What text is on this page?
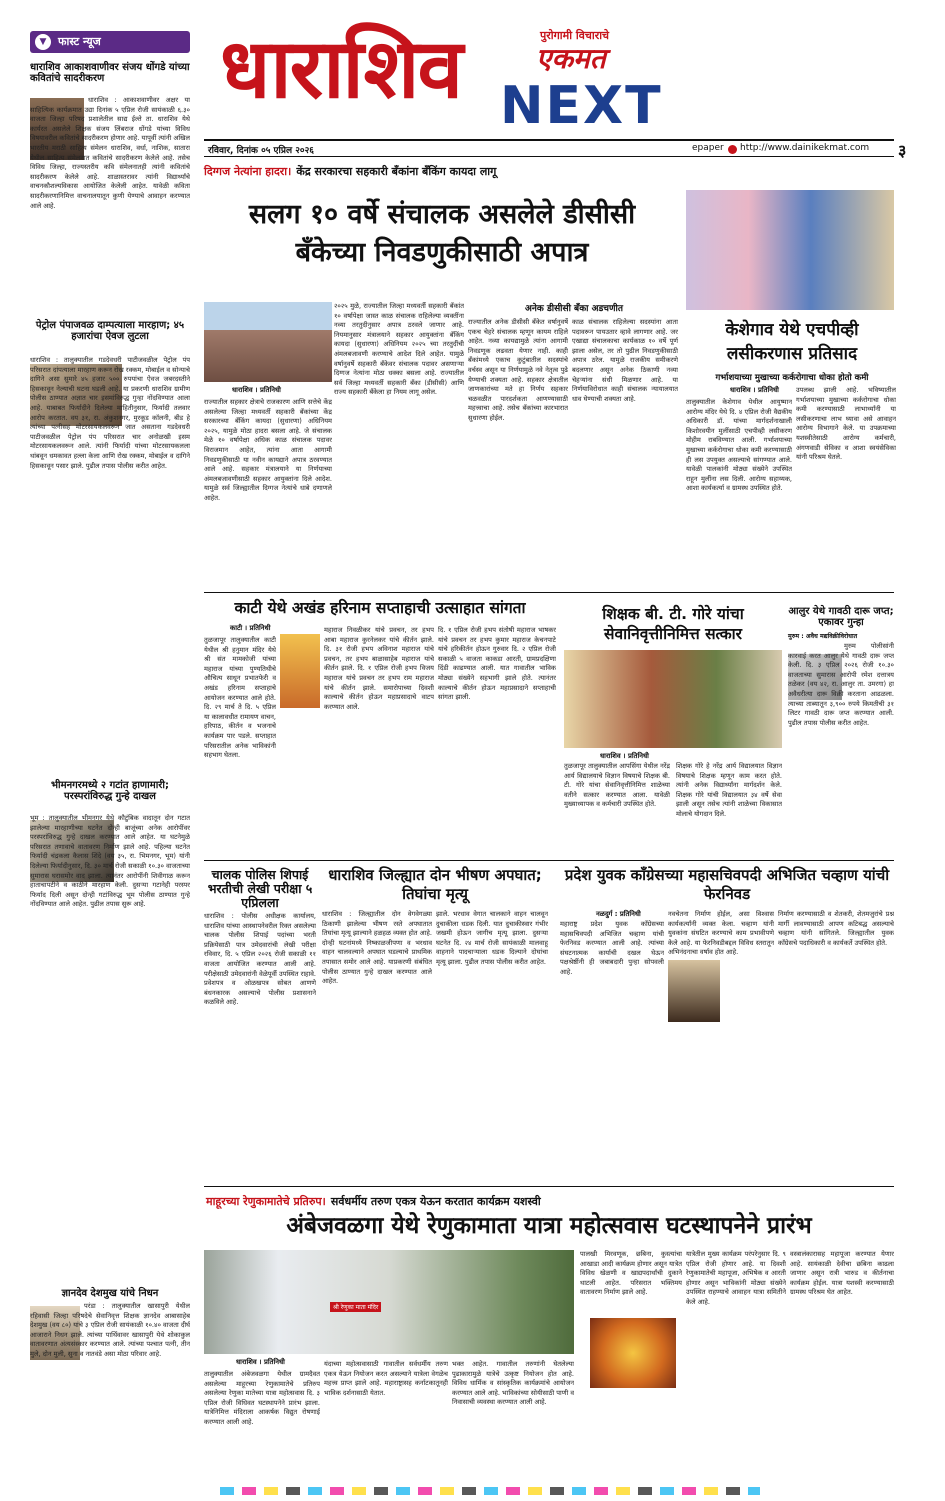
▼	फास्ट न्यूज
धाराशिव आकाशवाणीवर संजय धोंगडे यांच्या कवितांचे सादरीकरण
धाराशिव : आकाशवाणीवर अक्षर या साहित्यिक कार्यक्रमात उद्या दिनांक ५ एप्रिल रोजी सायंकाळी ६.३० वाजता जिल्हा परिषद प्रशालेतील साद्य ईल्ते ता. धाराशिव येथे कार्यरत असलेले शिक्षक संजय लिंबराज धोंगडे यांच्या विविध विषयावरील कवितांचे सादरीकरण होणार आहे. यापूर्वी त्यांनी अखिल भारतीय मराठी साहित्य संमेलन धाराशिव, वर्धा, नाशिक, सातारा येथील साहित्य संमेलनात कवितांचे सादरीकरण केलेले आहे. तसेच विविध जिल्हा, राज्यस्तरीय कवि संमेलनातही त्यांनी कवितांचे सादरीकरण केलेले आहे. शाळास्तरावर त्यांनी विद्यार्थ्यांचे वाचनकौशल्यविकास आयोजित केलेली आहेत. यावेळी कविता सादरीकरणानिमित्त वाचनालयातून कुणी येण्याचे आवाहन करण्यात आले आहे.
पेट्रोल पंपाजवळ दाम्पत्याला मारहाण; ४५ हजारांचा ऐवज लुटला
धाराशिव : तालुक्यातील गडदेवधरी पाटीजवळील पेट्रोल पंप परिसरात दांपत्याला मारहाण करून रोख रक्कम, मोबाईल व सोन्याचे दागिने असा सुमारे ४५ हजार ५०० रुपयांचा ऐवज जबरदस्तीने हिसकावून नेल्याची घटना घडली आहे. या प्रकरणी धाराशिव ग्रामीण पोलीस ठाण्यात अज्ञात चार इसमांविरुद्ध गुन्हा नोंदविण्यात आला आहे. याबाबत फिर्यादीने दिलेल्या माहितीनुसार, फिर्यादी तलवार आरोप करतात. वय ३१, रा. अंकुशनगर, मुरकूड कॉलनी, बीड हे त्यांच्या पत्नीसह मोटरसायकलवरून जात असताना गडदेवधरी पाटीजवळील पेट्रोल पंप परिसरात चार अनोळखी इसम मोटरसायकलवरून आले. त्यांनी फिर्यादी यांच्या मोटरसायकलला थांबवून धमकावत हल्ला केला आणि रोख रक्कम, मोबाईल व दागिने हिसकावून पसार झाले. पुढील तपास पोलीस करीत आहेत.
भीमनगरमध्ये २ गटांत हाणामारी; परस्परांविरुद्ध गुन्हे दाखल
भूम : तालुक्यातील भीमनगर येथे कौटुंबिक वादातून दोन गटात झालेल्या मारहाणीच्या घटनेत दोन्ही बाजूंच्या अनेक आरोपींवर परस्परांविरुद्ध गुन्हे दाखल करण्यात आले आहेत. या घटनेमुळे परिसरात तणावाचे वातावरण निर्माण झाले आहे. पहिल्या घटनेत फिर्यादी चंद्रकला कैलास शिंदे (वय ३५, रा. भिमनगर, भूम) यांनी दिलेल्या फिर्यादीनुसार, दि. ३० मार्च रोजी सकाळी १०.३० वाजताच्या सुमारास घरासमोर वाद झाला. त्यानंतर आरोपींनी शिवीगाळ करून हाताचापटीने व काठीने मारहाण केली. दुसऱ्या गटानेही परस्पर फिर्याद दिली असून दोन्ही गटांविरुद्ध भूम पोलीस ठाण्यात गुन्हे नोंदविण्यात आले आहेत. पुढील तपास सुरू आहे.
ज्ञानदेव देशमुख यांचे निधन
परंडा : तालुक्यातील खासापुरी येथील रहिवासी जिल्हा परिषदेचे सेवानिवृत्त शिक्षक ज्ञानदेव आबासाहेब देशमुख (वय ८०) यांचे ३ एप्रिल रोजी सायंकाळी १०.४० वाजता दीर्घ आजाराने निधन झाले. त्यांच्या पार्थिवावर खासापुरी येथे शोकाकुल वातावरणात अंत्यसंस्कार करण्यात आले. त्यांच्या पश्चात पत्नी, तीन मुले, दोन मुली, सुना व नातवंडे असा मोठा परिवार आहे.
धाराशिव NEXT
पुरोगामी विचाराचे
एकमत
रविवार, दिनांक ०५ एप्रिल २०२६	epaper http://www.dainikekmat.com ३
दिग्गज नेत्यांना हादरा। केंद्र सरकारचा सहकारी बँकांना बँकिंग कायदा लागू
सलग १० वर्षे संचालक असलेले डीसीसी बँकेच्या निवडणुकीसाठी अपात्र
धाराशिव । प्रतिनिधी
राज्यातील सहकार क्षेत्राचे राजकारण आणि सत्तेचे केंद्र असलेल्या जिल्हा मध्यवर्ती सहकारी बँकांच्या केंद्र सरकारच्या बँकिंग कायदा (सुधारणा) अधिनियम २०२५, यामुळे मोठा हादरा बसला आहे. जे संचालक मेळे १० वर्षापेक्षा अधिक काळ संचालक पदावर विराजमान आहेत, त्यांना आता आगामी निवडणुकीसाठी या नवीन कायद्याने अपात्र ठरवण्यात आले आहे. सहकार मंत्रालयाने या निर्णयाच्या अंमलबजावणीसाठी सहकार आयुक्तांना दिले आदेश. यामुळे सर्व जिल्ह्यातील दिग्गज नेत्यांचे धाबे दणाणले आहेत.
२०२५ मुळे, राज्यातील जिल्हा मध्यवर्ती सहकारी बँकांत १० वर्षापेक्षा जास्त काळ संचालक राहिलेल्या व्यक्तींना नव्या तरतुदीनुसार अपात्र ठरवले जाणार आहे. नियमानुसार मंत्रालयाने सहकार आयुक्तांना बँकिंग कायदा (सुधारणा) अधिनियम २०२५ च्या तरतुदींची अंमलबजावणी करण्याचे आदेश दिले आहेत. यामुळे वर्षानुवर्षे सहकारी बँकेवर संचालक पदावर असणाऱ्या दिग्गज नेत्यांना मोठा धक्का बसला आहे. राज्यातील सर्व जिल्हा मध्यवर्ती सहकारी बँका (डीसीसी) आणि राज्य सहकारी बँकेला हा नियम लागू असेल.
अनेक डीसीसी बँका अडचणीत
राज्यातील अनेक डीसीसी बँकेत वर्षानुवर्षे एकच चेहरे संचालक म्हणून कायम राहिले आहेत. नव्या कायद्यामुळे त्यांना आगामी निवडणूक लढवता येणार नाही. काही बँकांमध्ये एकाच कुटुंबातील सदस्यांचे वर्चस्व असून या निर्णयामुळे नवे नेतृत्व पुढे येण्याची शक्यता आहे. सहकार क्षेत्रातील जाणकारांच्या मते हा निर्णय सहकार चळवळीत पारदर्शकता आणण्यासाठी महत्त्वाचा आहे. तसेच बँकांच्या कारभारात सुधारणा होईल.
काळ संचालक राहिलेल्या सदस्यांना आता पदावरून पायउतार व्हावे लागणार आहे. जर एखाद्या संचालकाचा कार्यकाळ १० वर्षे पूर्ण झाला असेल, तर तो पुढील निवडणुकीसाठी अपात्र ठरेल. यामुळे राजकीय समीकरणे बदलणार असून अनेक ठिकाणी नव्या चेहऱ्यांना संधी मिळणार आहे. या निर्णयाविरोधात काही संचालक न्यायालयात धाव घेण्याची शक्यता आहे.
केशेगाव येथे एचपीव्ही लसीकरणास प्रतिसाद
गर्भाशयाच्या मुखाच्या कर्करोगाचा धोका होतो कमी
धाराशिव । प्रतिनिधी
तालुक्यातील केशेगाव येथील आयुष्मान आरोग्य मंदिर येथे दि. ४ एप्रिल रोजी वैद्यकीय अधिकारी डॉ. यांच्या मार्गदर्शनाखाली किशोरवयीन मुलींसाठी एचपीव्ही लसीकरण मोहीम राबविण्यात आली. गर्भाशयाच्या मुखाच्या कर्करोगाचा धोका कमी करण्यासाठी ही लस उपयुक्त असल्याचे सांगण्यात आले. यावेळी पालकांनी मोठ्या संख्येने उपस्थित राहून मुलींना लस दिली. आरोग्य सहाय्यक, आशा कार्यकर्त्या व ग्रामस्थ उपस्थित होते.
उपलब्ध झाली आहे. भविष्यातील गर्भाशयाच्या मुखाच्या कर्करोगाचा धोका कमी करण्यासाठी लाभार्थ्यांनी या लसीकरणाचा लाभ घ्यावा असे आवाहन आरोग्य विभागाने केले. या उपक्रमाच्या यशस्वीतेसाठी आरोग्य कर्मचारी, अंगणवाडी सेविका व आशा स्वयंसेविका यांनी परिश्रम घेतले.
काटी येथे अखंड हरिनाम सप्ताहाची उत्साहात सांगता
काटी । प्रतिनिधी
तुळजापूर तालुक्यातील काटी येथील श्री हनुमान मंदिर येथे श्री संत मामकोजी यांच्या महाराज यांच्या पुण्यतिथीचे औचित्य साधून प्रभातफेरी व अखंड हरिनाम सप्ताहाचे आयोजन करण्यात आले होते. दि. २९ मार्च ते दि. ५ एप्रिल या कालावधीत रामायण वाचन, हरिपाठ, कीर्तन व भजनाचे कार्यक्रम पार पडले. सप्ताहात परिसरातील अनेक भाविकांनी सहभाग घेतला.
महाराज निवळीकर यांचे प्रवचन, तर हभप आबा महाराज कुरनेलकर यांचे कीर्तन झाले. दि. ३१ रोजी हभप अविनाश महाराज यांचे प्रवचन, तर हभप बाळासाहेब महाराज यांचे कीर्तन झाले. दि. १ एप्रिल रोजी हभप विजय महाराज यांचे प्रवचन तर हभप राम महाराज यांचे कीर्तन झाले. समारोपाच्या दिवशी काल्याचे कीर्तन होऊन महाप्रसादाचे वाटप करण्यात आले.
दि. १ एप्रिल रोजी हभप संतोषी महाराज भाषकर यांचे प्रवचन तर हभप कुमार महाराज केचनपाटे यांचे हरिकीर्तन होऊन गुरुवार दि. २ एप्रिल रोजी सकाळी ५ वाजता काकडा आरती, ग्रामप्रदक्षिणा दिंडी काढण्यात आली. यात गावातील भाविक मोठ्या संख्येने सहभागी झाले होते. त्यानंतर काल्याचे कीर्तन होऊन महाप्रसादाने सप्ताहाची सांगता झाली.
शिक्षक बी. टी. गोरे यांचा सेवानिवृत्तीनिमित्त सत्कार
धाराशिव । प्रतिनिधी
तुळजापूर तालुक्यातील आपसिंगा येथील नरेंद्र आर्य विद्यालयाचे विज्ञान विषयाचे शिक्षक बी. टी. गोरे यांचा सेवानिवृत्तीनिमित्त शाळेच्या वतीने सत्कार करण्यात आला. यावेळी मुख्याध्यापक व कर्मचारी उपस्थित होते.
शिक्षक गोरे हे नरेंद्र आर्य विद्यालयात विज्ञान विषयाचे शिक्षक म्हणून काम करत होते. त्यांनी अनेक विद्यार्थ्यांना मार्गदर्शन केले. शिक्षक गोरे यांची विद्यालयात ३४ वर्षे सेवा झाली असून तसेच त्यांनी शाळेच्या विकासात मोलाचे योगदान दिले.
आलुर येथे गावठी दारू जप्त; एकावर गुन्हा
मुरुम : अवैध मद्यविक्रीविरोधात
मुरुम पोलीसांनी कारवाई करत आलुर येथे गावठी दारू जप्त केली. दि. ३ एप्रिल २०२६ रोजी १०.३० वाजताच्या सुमारास आरोपी रमेश दत्तात्रय तळेकर (वय ४२, रा. आलुर ता. उमरगा) हा अवैधरीत्या दारू विक्री करताना आढळला. त्याच्या ताब्यातून ३,९०० रुपये किमतीची ३१ लिटर गावठी दारू जप्त करण्यात आली. पुढील तपास पोलीस करीत आहेत.
चालक पोलिस शिपाई भरतीची लेखी परीक्षा ५ एप्रिलला
धाराशिव : पोलीस अधीक्षक कार्यालय, धाराशिव यांच्या आस्थापनेवरील रिक्त असलेल्या चालक पोलीस शिपाई पदांच्या भरती प्रक्रियेसाठी पात्र उमेदवारांची लेखी परीक्षा रविवार, दि. ५ एप्रिल २०२६ रोजी सकाळी ११ वाजता आयोजित करण्यात आली आहे. परीक्षेसाठी उमेदवारांनी वेळेपूर्वी उपस्थित राहावे. प्रवेशपत्र व ओळखपत्र सोबत आणणे बंधनकारक असल्याचे पोलीस प्रशासनाने कळविले आहे.
धाराशिव जिल्ह्यात दोन भीषण अपघात; तिघांचा मृत्यू
धाराशिव : जिल्ह्यातील दोन वेगवेगळ्या ठिकाणी झालेल्या भीषण रस्ते अपघातात तिघांचा मृत्यू झाल्याने हळहळ व्यक्त होत आहे. दोन्ही घटनांमध्ये निष्काळजीपणा व भरधाव वाहन चालवल्याने अपघात घडल्याचे प्राथमिक तपासात समोर आले आहे. याप्रकरणी संबंधित पोलीस ठाण्यात गुन्हे दाखल करण्यात आले आहेत.
झाले. भरधाव वेगात चालकाने वाहन चालवून दुचाकीला धडक दिली. यात दुचाकीस्वार गंभीर जखमी होऊन जागीच मृत्यू झाला. दुसऱ्या घटनेत दि. २४ मार्च रोजी सायंकाळी मालवाहू वाहनाने पादचाऱ्याला धडक दिल्याने दोघांचा मृत्यू झाला. पुढील तपास पोलीस करीत आहेत.
प्रदेश युवक काँग्रेसच्या महासचिवपदी अभिजित चव्हाण यांची फेरनिवड
नळदुर्ग : प्रतिनिधी
महाराष्ट्र प्रदेश युवक काँग्रेसच्या महासचिवपदी अभिजित चव्हाण यांची फेरनिवड करण्यात आली आहे. त्यांच्या संघटनात्मक कार्याची दखल घेऊन पक्षश्रेष्ठींनी ही जबाबदारी पुन्हा सोपवली आहे.
नवचेतना निर्माण होईल, असा विश्वास कार्यकर्त्यांनी व्यक्त केला. चव्हाण यांनी युवकांना संघटित करण्याचे काम प्रभावीपणे केले आहे. या फेरनिवडीबद्दल विविध स्तरातून अभिनंदनाचा वर्षाव होत आहे.
निर्माण करण्यासाठी व शेतकरी, शेतमजुरांचे प्रश्न मार्गी लावण्यासाठी आपण कटिबद्ध असल्याचे चव्हाण यांनी सांगितले. जिल्ह्यातील युवक काँग्रेसचे पदाधिकारी व कार्यकर्ते उपस्थित होते.
माहूरच्या रेणुकामातेचे प्रतिरुप। सर्वधर्मीय तरुण एकत्र येऊन करतात कार्यक्रम यशस्वी
अंबेजवळगा येथे रेणुकामाता यात्रा महोत्सवास घटस्थापनेने प्रारंभ
श्री रेणुका माता मंदिर
धाराशिव । प्रतिनिधी
तालुक्यातील अंबेजवळगा येथील ग्रामदैवत असलेल्या माहूरच्या रेणुकामातेचे प्रतिरुप असलेल्या रेणुका मातेच्या यात्रा महोत्सवास दि. ३ एप्रिल रोजी विधिवत घटस्थापनेने प्रारंभ झाला. यात्रेनिमित्त मंदिराला आकर्षक विद्युत रोषणाई करण्यात आली आहे.
यंदाच्या महोत्सवासाठी गावातील सर्वधर्मीय तरुण एकत्र येऊन नियोजन करत असल्याने यात्रेला वेगळेच महत्त्व प्राप्त झाले आहे. महाराष्ट्रासह कर्नाटकातूनही भाविक दर्शनासाठी येतात.
भक्त आहेत. गावातील तरुणांनी घेतलेल्या पुढाकारामुळे यात्रेचे उत्कृष्ट नियोजन होत आहे. विविध धार्मिक व सांस्कृतिक कार्यक्रमांचे आयोजन करण्यात आले आहे. भाविकांच्या सोयीसाठी पाणी व निवासाची व्यवस्था करण्यात आली आहे.
पालखी मिरवणूक, छबिना, कुस्त्यांचा आखाडा आदी कार्यक्रम होणार असून यात्रेत विविध खेळणी व खाद्यपदार्थांची दुकाने थाटली आहेत. परिसरात भक्तिमय वातावरण निर्माण झाले आहे.
यात्रेतील मुख्य कार्यक्रम परंपरेनुसार दि. ९ एप्रिल रोजी होणार आहे. या दिवशी रेणुकामातेची महापूजा, अभिषेक व आरती होणार असून भाविकांनी मोठ्या संख्येने उपस्थित राहण्याचे आवाहन यात्रा समितीने केले आहे.
वस्त्रालंकारासह महापूजा करण्यात येणार आहे. सायंकाळी देवीचा छबिना काढला जाणार असून रात्री भारुड व कीर्तनाचा कार्यक्रम होईल. यात्रा यशस्वी करण्यासाठी ग्रामस्थ परिश्रम घेत आहेत.
